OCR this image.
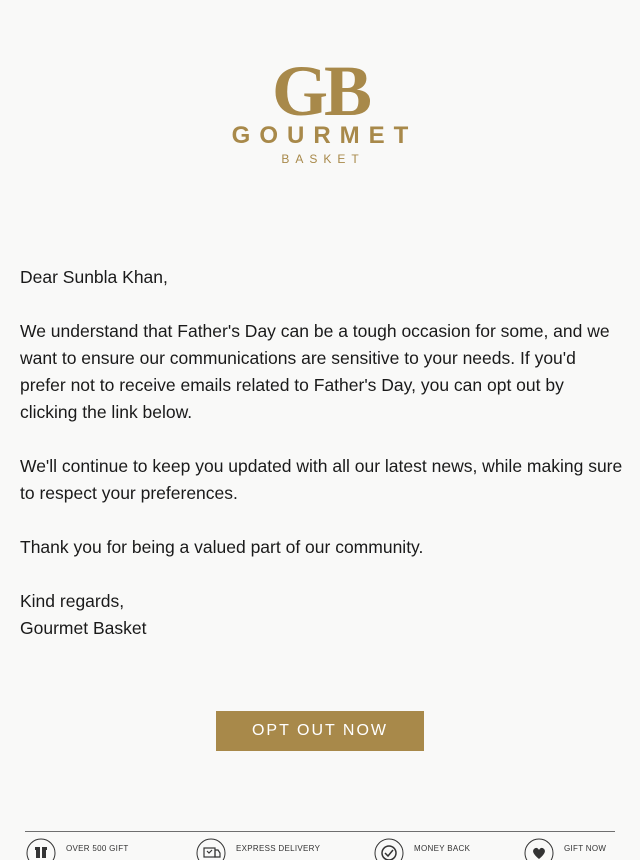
GB
GOURMET
BASKET

Dear Sunbla Khan,

We understand that Father's Day can be a tough occasion for some, and we want to ensure our communications are sensitive to your needs. If you'd prefer not to receive emails related to Father's Day, you can opt out by clicking the link below.

We'll continue to keep you updated with all our latest news, while making sure to respect your preferences.

Thank you for being a valued part of our community.

Kind regards,

Gourmet Basket

OPT OUT NOW
OVER 500 GIFT	EXPRESS DELIVERY	MONEY BACK	GIFT NOW
